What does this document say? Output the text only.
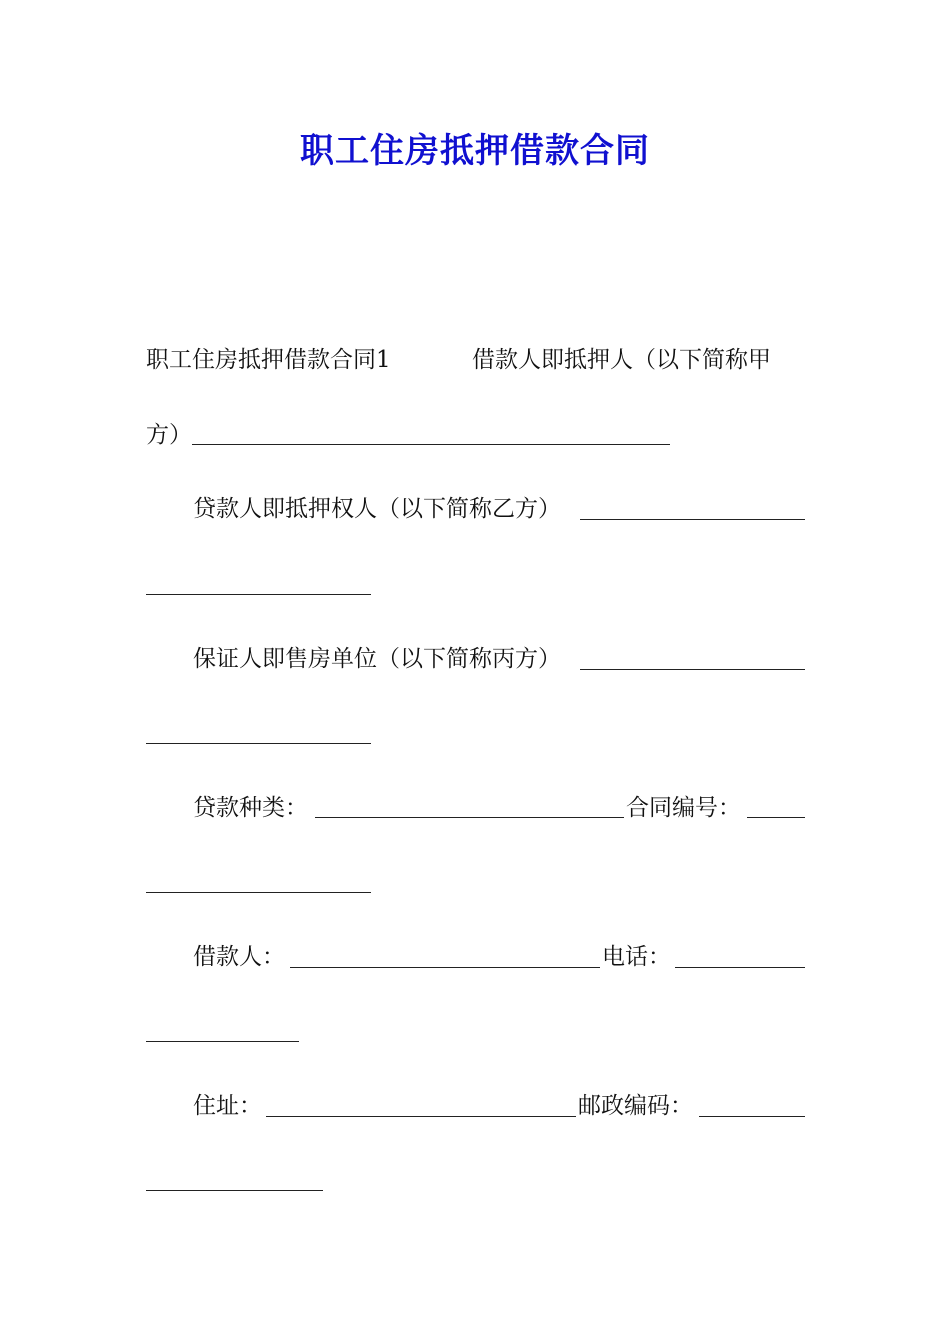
职工住房抵押借款合同
职工住房抵押借款合同1	借款人即抵押人（以下简称甲
方）
贷款人即抵押权人（以下简称乙方）
保证人即售房单位（以下简称丙方）
贷款种类：	合同编号：
借款人：	电话：
住址：	邮政编码：
